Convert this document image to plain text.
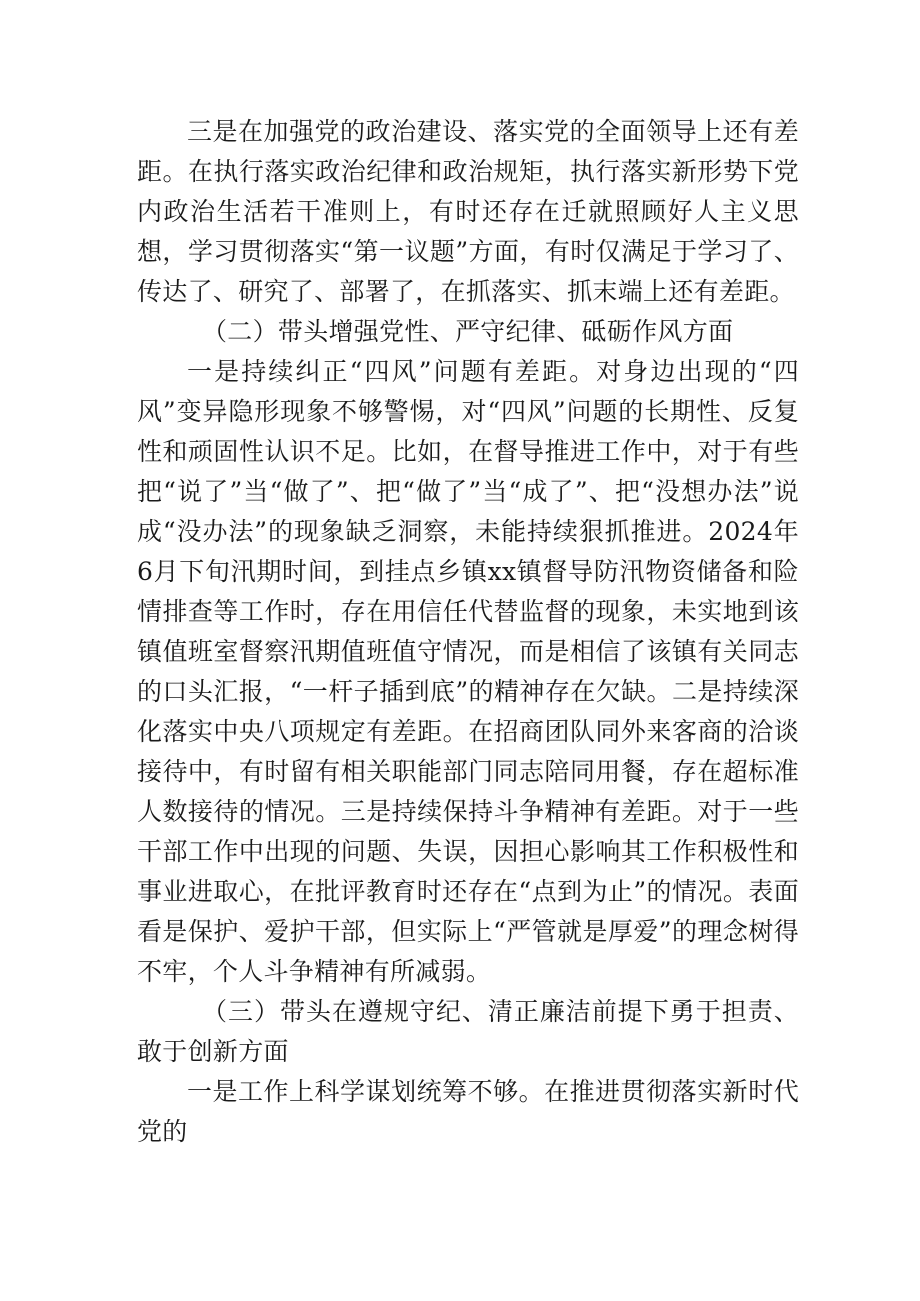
三是在加强党的政治建设、落实党的全面领导上还有差距。在执行落实政治纪律和政治规矩，执行落实新形势下党内政治生活若干准则上，有时还存在迁就照顾好人主义思想，学习贯彻落实“第一议题”方面，有时仅满足于学习了、传达了、研究了、部署了，在抓落实、抓末端上还有差距。

（二）带头增强党性、严守纪律、砥砺作风方面

一是持续纠正“四风”问题有差距。对身边出现的“四风”变异隐形现象不够警惕，对“四风”问题的长期性、反复性和顽固性认识不足。比如，在督导推进工作中，对于有些把“说了”当“做了”、把“做了”当“成了”、把“没想办法”说成“没办法”的现象缺乏洞察，未能持续狠抓推进。2024年6月下旬汛期时间，到挂点乡镇xx镇督导防汛物资储备和险情排查等工作时，存在用信任代替监督的现象，未实地到该镇值班室督察汛期值班值守情况，而是相信了该镇有关同志的口头汇报，“一杆子插到底”的精神存在欠缺。二是持续深化落实中央八项规定有差距。在招商团队同外来客商的洽谈接待中，有时留有相关职能部门同志陪同用餐，存在超标准人数接待的情况。三是持续保持斗争精神有差距。对于一些干部工作中出现的问题、失误，因担心影响其工作积极性和事业进取心，在批评教育时还存在“点到为止”的情况。表面看是保护、爱护干部，但实际上“严管就是厚爱”的理念树得不牢，个人斗争精神有所减弱。

（三）带头在遵规守纪、清正廉洁前提下勇于担责、敢于创新方面

一是工作上科学谋划统筹不够。在推进贯彻落实新时代党的
